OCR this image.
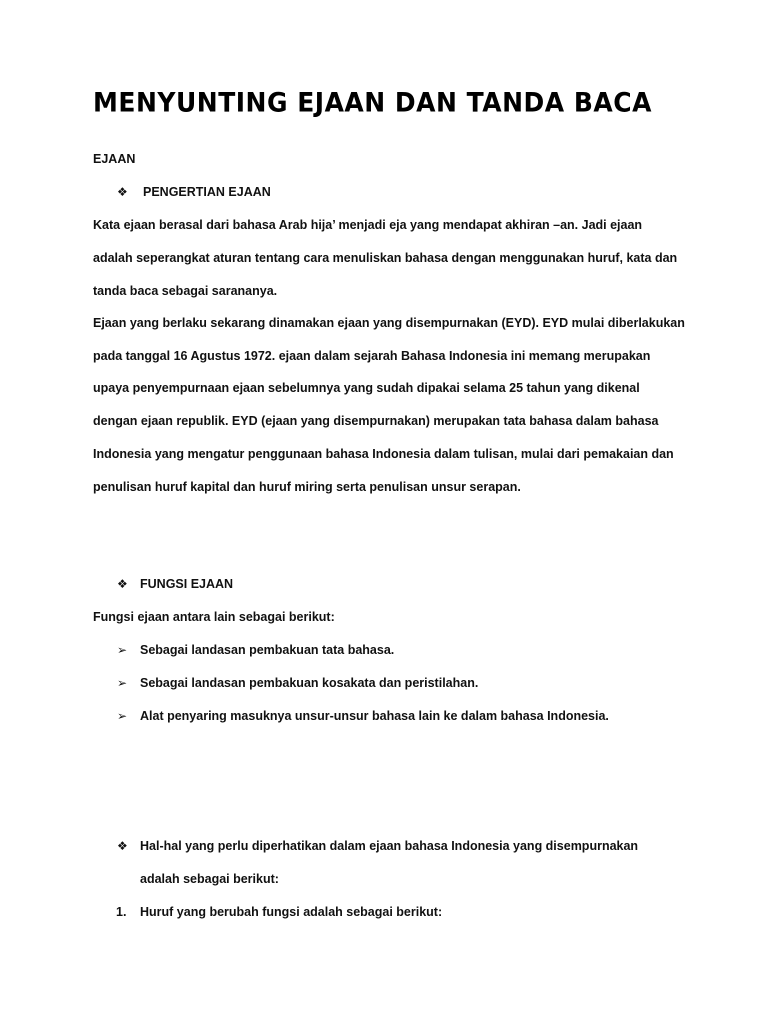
MENYUNTING EJAAN DAN TANDA BACA
EJAAN
❖ PENGERTIAN EJAAN
Kata ejaan berasal dari bahasa Arab hija’ menjadi eja yang mendapat akhiran –an. Jadi ejaan
adalah seperangkat aturan tentang cara menuliskan bahasa dengan menggunakan huruf, kata dan
tanda baca sebagai sarananya.
Ejaan yang berlaku sekarang dinamakan ejaan yang disempurnakan (EYD). EYD mulai diberlakukan
pada tanggal 16 Agustus 1972. ejaan dalam sejarah Bahasa Indonesia ini memang merupakan
upaya penyempurnaan ejaan sebelumnya yang sudah dipakai selama 25 tahun yang dikenal
dengan ejaan republik. EYD (ejaan yang disempurnakan) merupakan tata bahasa dalam bahasa
Indonesia yang mengatur penggunaan bahasa Indonesia dalam tulisan, mulai dari pemakaian dan
penulisan huruf kapital dan huruf miring serta penulisan unsur serapan.
❖ FUNGSI EJAAN
Fungsi ejaan antara lain sebagai berikut:
➢ Sebagai landasan pembakuan tata bahasa.
➢ Sebagai landasan pembakuan kosakata dan peristilahan.
➢ Alat penyaring masuknya unsur-unsur bahasa lain ke dalam bahasa Indonesia.
❖ Hal-hal yang perlu diperhatikan dalam ejaan bahasa Indonesia yang disempurnakan
adalah sebagai berikut:
1. Huruf yang berubah fungsi adalah sebagai berikut:
